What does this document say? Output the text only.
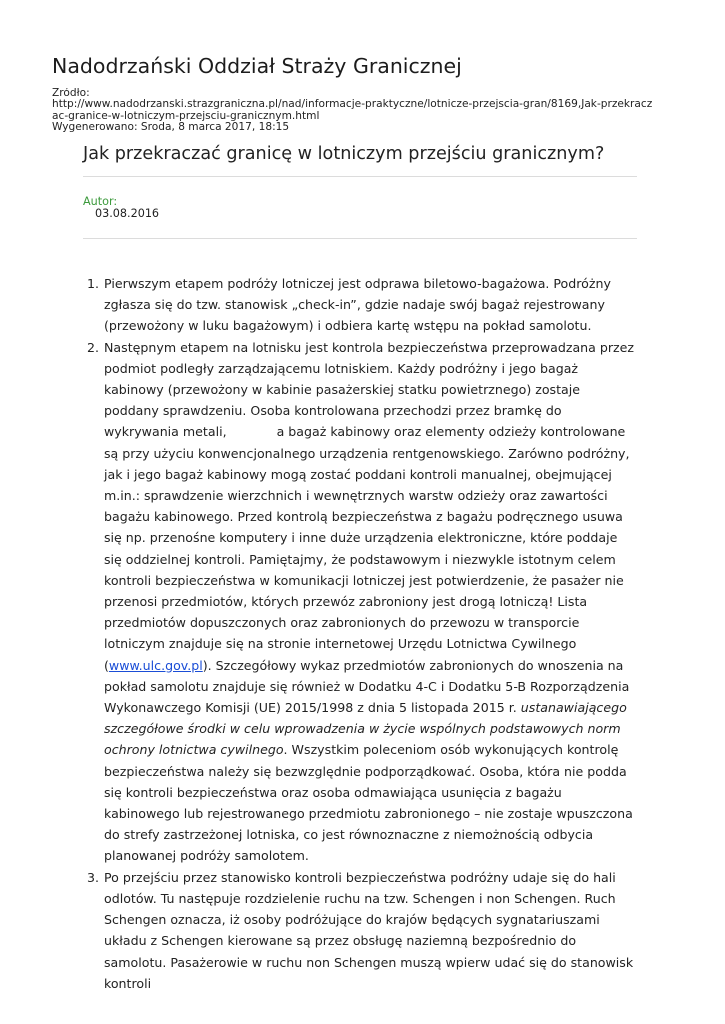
Nadodrzański Oddział Straży Granicznej
Źródło:
http://www.nadodrzanski.strazgraniczna.pl/nad/informacje-praktyczne/lotnicze-przejscia-gran/8169,Jak-przekracz
ac-granice-w-lotniczym-przejsciu-granicznym.html
Wygenerowano: Środa, 8 marca 2017, 18:15
Jak przekraczać granicę w lotniczym przejściu granicznym?
Autor:
03.08.2016
1. Pierwszym etapem podróży lotniczej jest odprawa biletowo-bagażowa. Podróżny zgłasza się do tzw. stanowisk „check-in”, gdzie nadaje swój bagaż rejestrowany (przewożony w luku bagażowym) i odbiera kartę wstępu na pokład samolotu.
2. Następnym etapem na lotnisku jest kontrola bezpieczeństwa przeprowadzana przez podmiot podległy zarządzającemu lotniskiem. Każdy podróżny i jego bagaż kabinowy (przewożony w kabinie pasażerskiej statku powietrznego) zostaje poddany sprawdzeniu. Osoba kontrolowana przechodzi przez bramkę do wykrywania metali,	a bagaż kabinowy oraz elementy odzieży kontrolowane są przy użyciu konwencjonalnego urządzenia rentgenowskiego. Zarówno podróżny, jak i jego bagaż kabinowy mogą zostać poddani kontroli manualnej, obejmującej m.in.: sprawdzenie wierzchnich i wewnętrznych warstw odzieży oraz zawartości bagażu kabinowego. Przed kontrolą bezpieczeństwa z bagażu podręcznego usuwa się np. przenośne komputery i inne duże urządzenia elektroniczne, które poddaje się oddzielnej kontroli. Pamiętajmy, że podstawowym i niezwykle istotnym celem kontroli bezpieczeństwa w komunikacji lotniczej jest potwierdzenie, że pasażer nie przenosi przedmiotów, których przewóz zabroniony jest drogą lotniczą! Lista przedmiotów dopuszczonych oraz zabronionych do przewozu w transporcie lotniczym znajduje się na stronie internetowej Urzędu Lotnictwa Cywilnego (www.ulc.gov.pl). Szczegółowy wykaz przedmiotów zabronionych do wnoszenia na pokład samolotu znajduje się również w Dodatku 4-C i Dodatku 5-B Rozporządzenia Wykonawczego Komisji (UE) 2015/1998 z dnia 5 listopada 2015 r. ustanawiającego szczegółowe środki w celu wprowadzenia w życie wspólnych podstawowych norm ochrony lotnictwa cywilnego. Wszystkim poleceniom osób wykonujących kontrolę bezpieczeństwa należy się bezwzględnie podporządkować. Osoba, która nie podda się kontroli bezpieczeństwa oraz osoba odmawiająca usunięcia z bagażu kabinowego lub rejestrowanego przedmiotu zabronionego – nie zostaje wpuszczona do strefy zastrzeżonej lotniska, co jest równoznaczne z niemożnością odbycia planowanej podróży samolotem.
3. Po przejściu przez stanowisko kontroli bezpieczeństwa podróżny udaje się do hali odlotów. Tu następuje rozdzielenie ruchu na tzw. Schengen i non Schengen. Ruch Schengen oznacza, iż osoby podróżujące do krajów będących sygnatariuszami układu z Schengen kierowane są przez obsługę naziemną bezpośrednio do samolotu. Pasażerowie w ruchu non Schengen muszą wpierw udać się do stanowisk kontroli
